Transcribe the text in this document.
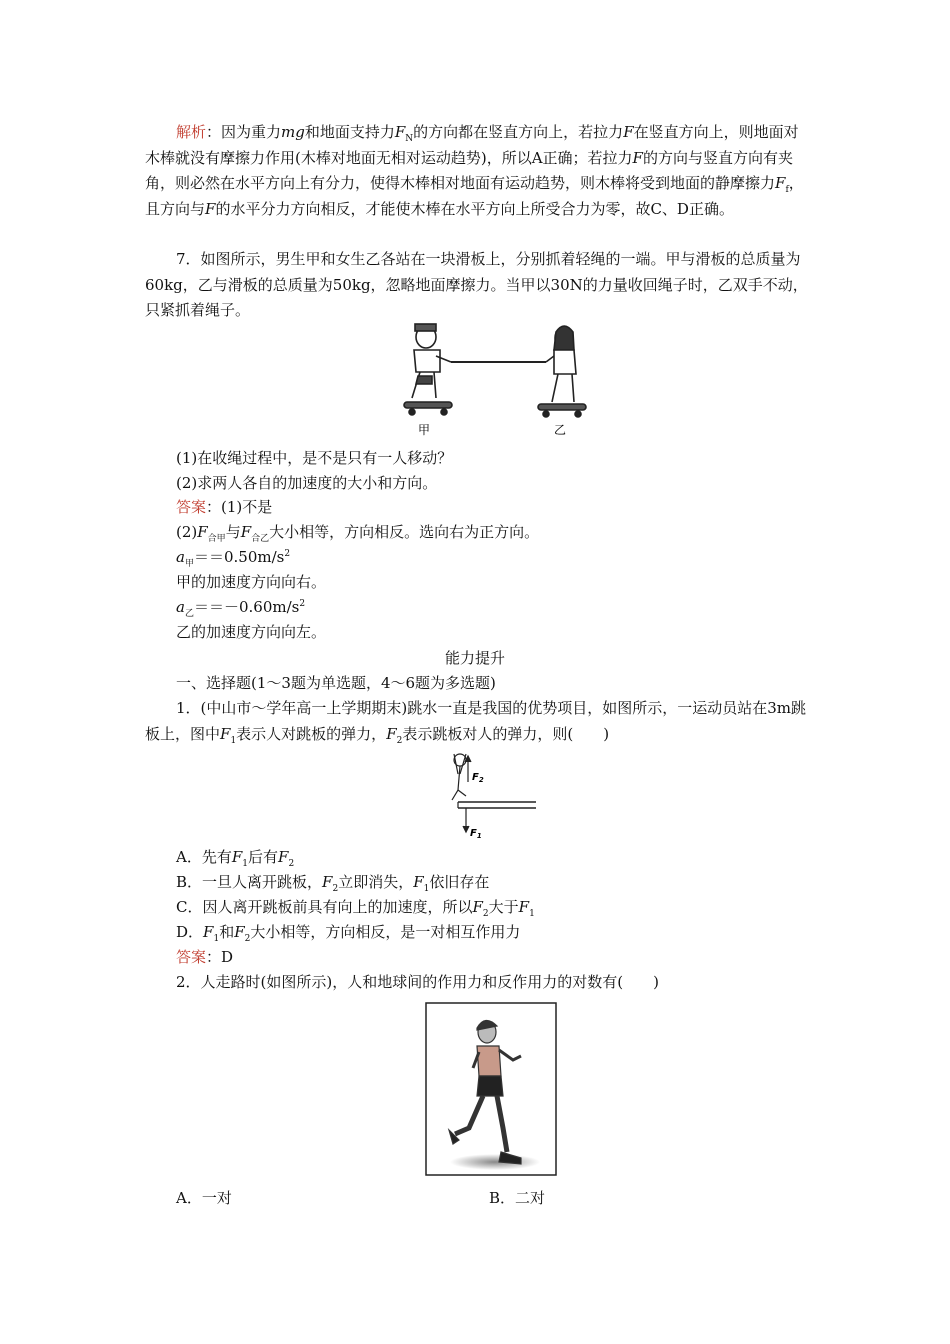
解析：因为重力mg和地面支持力$F_N$的方向都在竖直方向上，若拉力F在竖直方向上，则地面对木棒就没有摩擦力作用(木棒对地面无相对运动趋势)，所以A正确；若拉力F的方向与竖直方向有夹角，则必然在水平方向上有分力，使得木棒相对地面有运动趋势，则木棒将受到地面的静摩擦力$F_f$，且方向与F的水平分力方向相反，才能使木棒在水平方向上所受合力为零，故C、D正确。

7．如图所示，男生甲和女生乙各站在一块滑板上，分别抓着轻绳的一端。甲与滑板的总质量为60kg，乙与滑板的总质量为50kg，忽略地面摩擦力。当甲以30N的力量收回绳子时，乙双手不动，只紧抓着绳子。

甲	乙
(1)在收绳过程中，是不是只有一人移动？
(2)求两人各自的加速度的大小和方向。
答案：(1)不是
$(2)F_{合甲}$与$F_{合乙}$大小相等，方向相反。选向右为正方向。
$a_甲==0.50m/s^2$
甲的加速度方向向右。
$a_乙==-0.60m/s^2$
乙的加速度方向向左。
能力提升
一、选择题(1～3题为单选题，4～6题为多选题)

1．(中山市～学年高一上学期期末)跳水一直是我国的优势项目，如图所示，一运动员站在3m跳板上，图中$F_1$表示人对跳板的弹力，$F_2$表示跳板对人的弹力，则(　　)

$F_2$
$F_1$
A．先有$F_1$后有$F_2$
B．一旦人离开跳板，$F_2$立即消失，$F_1$依旧存在
C．因人离开跳板前具有向上的加速度，所以$F_2$大于$F_1$
D．$F_1$和$F_2$大小相等，方向相反，是一对相互作用力
答案：D
2．人走路时(如图所示)，人和地球间的作用力和反作用力的对数有(　　)
A．一对	B．二对
